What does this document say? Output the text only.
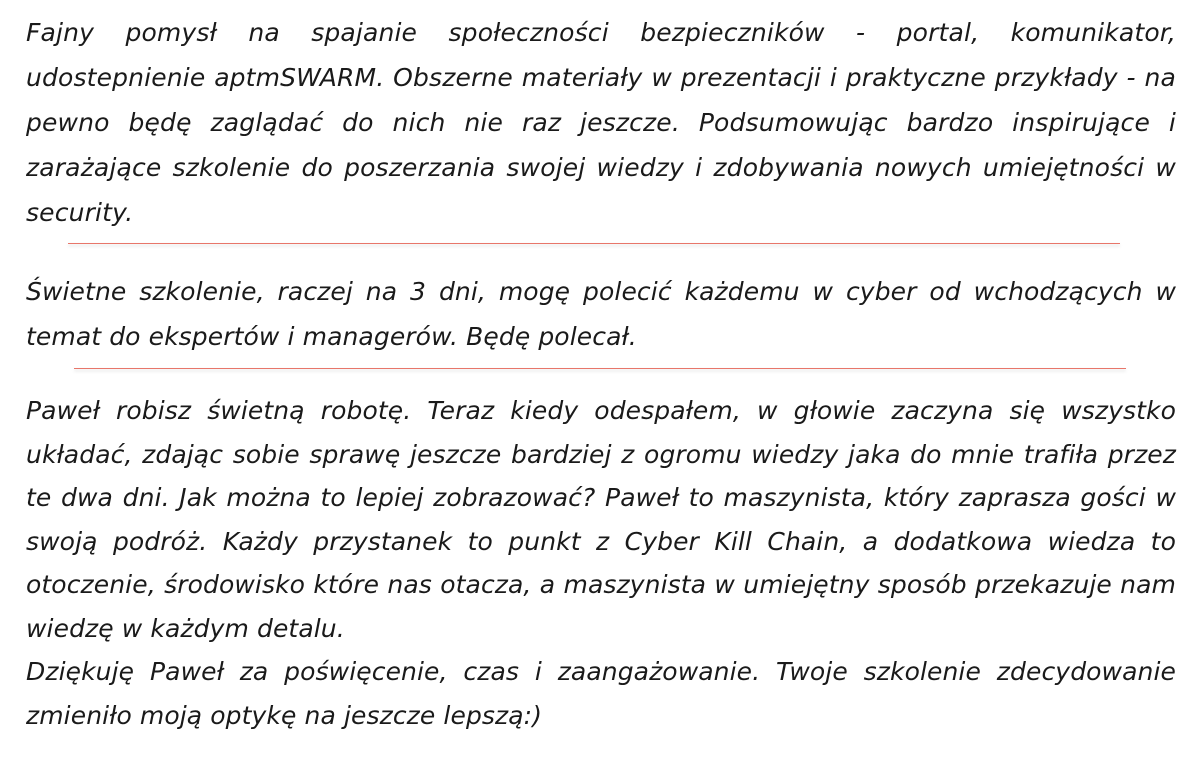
Fajny pomysł na spajanie społeczności bezpieczników - portal, komunikator, udostepnienie aptmSWARM. Obszerne materiały w prezentacji i praktyczne przykłady - na pewno będę zaglądać do nich nie raz jeszcze. Podsumowując bardzo inspirujące i zarażające szkolenie do poszerzania swojej wiedzy i zdobywania nowych umiejętności w security.

Świetne szkolenie, raczej na 3 dni, mogę polecić każdemu w cyber od wchodzących w temat do ekspertów i managerów. Będę polecał.

Paweł robisz świetną robotę. Teraz kiedy odespałem, w głowie zaczyna się wszystko układać, zdając sobie sprawę jeszcze bardziej z ogromu wiedzy jaka do mnie trafiła przez te dwa dni. Jak można to lepiej zobrazować? Paweł to maszynista, który zaprasza gości w swoją podróż. Każdy przystanek to punkt z Cyber Kill Chain, a dodatkowa wiedza to otoczenie, środowisko które nas otacza, a maszynista w umiejętny sposób przekazuje nam wiedzę w każdym detalu.

Dziękuję Paweł za poświęcenie, czas i zaangażowanie. Twoje szkolenie zdecydowanie zmieniło moją optykę na jeszcze lepszą:)
